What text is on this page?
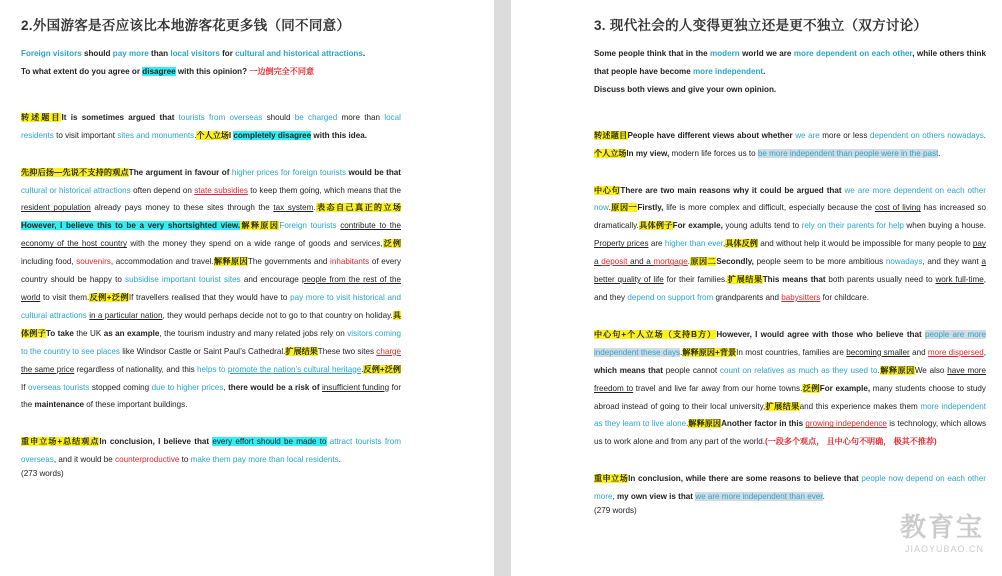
2.外国游客是否应该比本地游客花更多钱（同不同意）

Foreign visitors should pay more than local visitors for cultural and historical attractions.
To what extent do you agree or disagree with this opinion? 一边倒完全不同意

转述题目It is sometimes argued that tourists from overseas should be charged more than local residents to visit important sites and monuments 个人立场I completely disagree with this idea.

先抑后扬—先说不支持的观点The argument in favour of higher prices for foreign tourists would be that cultural or historical attractions often depend on state subsidies to keep them going, which means that the resident population already pays money to these sites through the tax system.表态自己真正的立场However, I believe this to be a very shortsighted view.解释原因Foreign tourists contribute to the economy of the host country with the money they spend on a wide range of goods and services,泛例including food, souvenirs, accommodation and travel.解释原因The governments and inhabitants of every country should be happy to subsidise important tourist sites and encourage people from the rest of the world to visit them.反例+泛例If travellers realised that they would have to pay more to visit historical and cultural attractions in a particular nation, they would perhaps decide not to go to that country on holiday.具体例子To take the UK as an example, the tourism industry and many related jobs rely on visitors coming to the country to see places like Windsor Castle or Saint Paul’s Cathedral.扩展结果These two sites charge the same price regardless of nationality, and this helps to promote the nation’s cultural heritage 反例+泛例If overseas tourists stopped coming due to higher prices, there would be a risk of insufficient funding for the maintenance of these important buildings.

重申立场+总结观点In conclusion, I believe that every effort should be made to attract tourists from overseas, and it would be counterproductive to make them pay more than local residents.

(273 words)
3. 现代社会的人变得更独立还是更不独立（双方讨论）

Some people think that in the modern world we are more dependent on each other, while others think that people have become more independent.
Discuss both views and give your own opinion.

转述题目People have different views about whether we are more or less dependent on others nowadays.个人立场In my view, modern life forces us to be more independent than people were in the past.

中心句There are two main reasons why it could be argued that we are more dependent on each other now.原因一Firstly, life is more complex and difficult, especially because the cost of living has increased so dramatically.具体例子For example, young adults tend to rely on their parents for help when buying a house. Property prices are higher than ever 具体反例 and without help it would be impossible for many people to pay a deposit and a mortgage.原因二Secondly, people seem to be more ambitious nowadays, and they want a better quality of life for their families.扩展结果This means that both parents usually need to work full-time, and they depend on support from grandparents and babysitters for childcare.

中心句+个人立场（支持B方）However, I would agree with those who believe that people are more independent these days 解释原因+背景In most countries, families are becoming smaller and more dispersed, which means that people cannot count on relatives as much as they used to.解释原因We also have more freedom to travel and live far away from our home towns.泛例For example, many students choose to study abroad instead of going to their local university,扩展结果and this experience makes them more independent as they learn to live alone 解释原因Another factor in this growing independence is technology, which allows us to work alone and from any part of the world.(一段多个观点， 且中心句不明确， 极其不推荐)

重申立场In conclusion, while there are some reasons to believe that people now depend on each other more, my own view is that we are more independent than ever.

(279 words)
教育宝
JIAOYUBAO.CN
